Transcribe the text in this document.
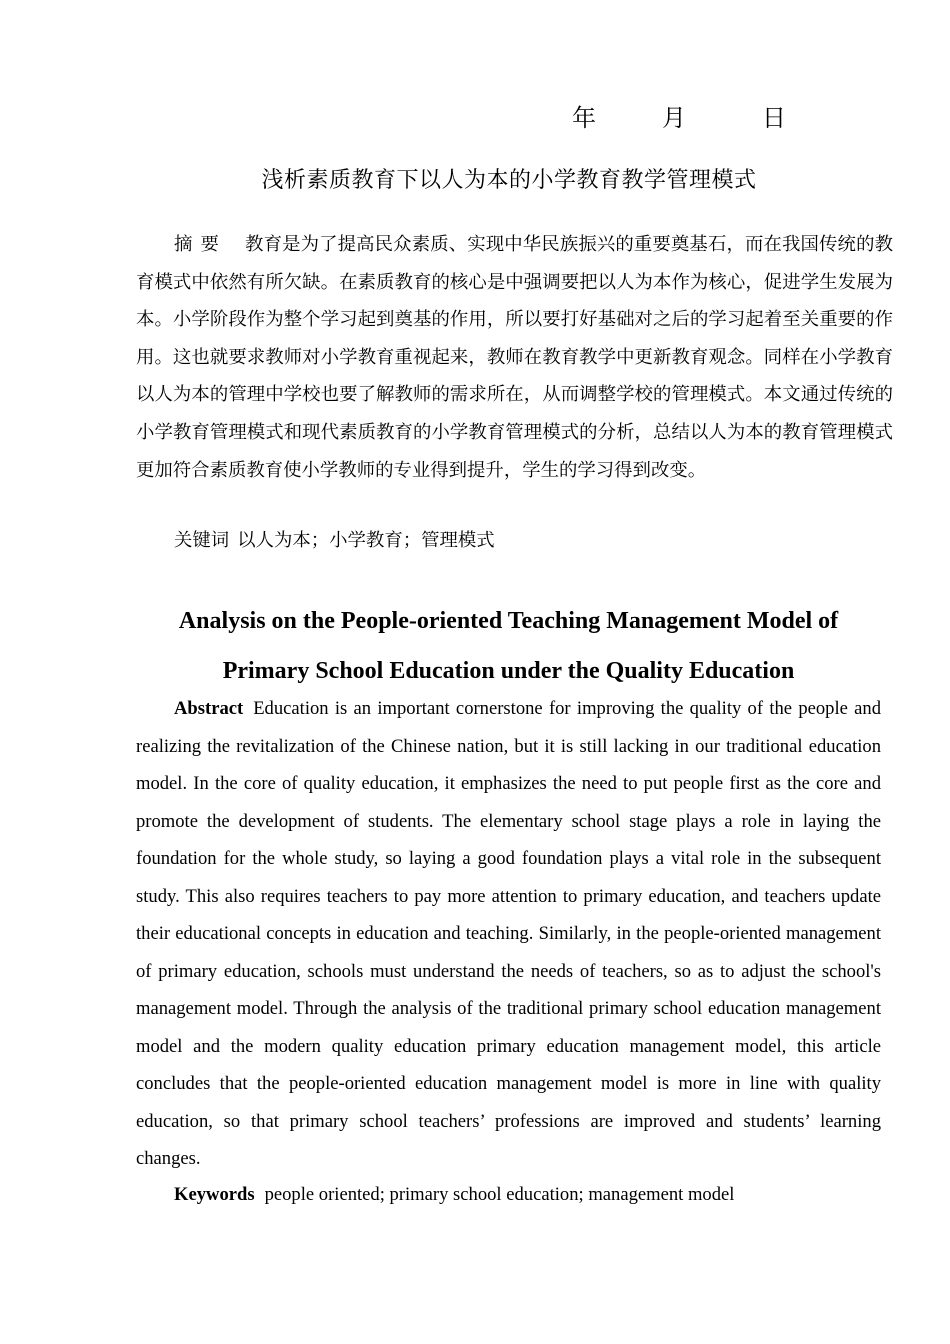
年	月	日
浅析素质教育下以人为本的小学教育教学管理模式

摘要 教育是为了提高民众素质、实现中华民族振兴的重要奠基石，而在我国传统的教育模式中依然有所欠缺。在素质教育的核心是中强调要把以人为本作为核心，促进学生发展为本。小学阶段作为整个学习起到奠基的作用，所以要打好基础对之后的学习起着至关重要的作用。这也就要求教师对小学教育重视起来，教师在教育教学中更新教育观念。同样在小学教育以人为本的管理中学校也要了解教师的需求所在，从而调整学校的管理模式。本文通过传统的小学教育管理模式和现代素质教育的小学教育管理模式的分析，总结以人为本的教育管理模式更加符合素质教育使小学教师的专业得到提升，学生的学习得到改变。

关键词 以人为本；小学教育；管理模式
Analysis on the People-oriented Teaching Management Model of
Primary School Education under the Quality Education

Abstract Education is an important cornerstone for improving the quality of the people and realizing the revitalization of the Chinese nation, but it is still lacking in our traditional education model. In the core of quality education, it emphasizes the need to put people first as the core and promote the development of students. The elementary school stage plays a role in laying the foundation for the whole study, so laying a good foundation plays a vital role in the subsequent study. This also requires teachers to pay more attention to primary education, and teachers update their educational concepts in education and teaching. Similarly, in the people-oriented management of primary education, schools must understand the needs of teachers, so as to adjust the school's management model. Through the analysis of the traditional primary school education management model and the modern quality education primary education management model, this article concludes that the people-oriented education management model is more in line with quality education, so that primary school teachers’ professions are improved and students’ learning changes.

Keywords people oriented; primary school education; management model
